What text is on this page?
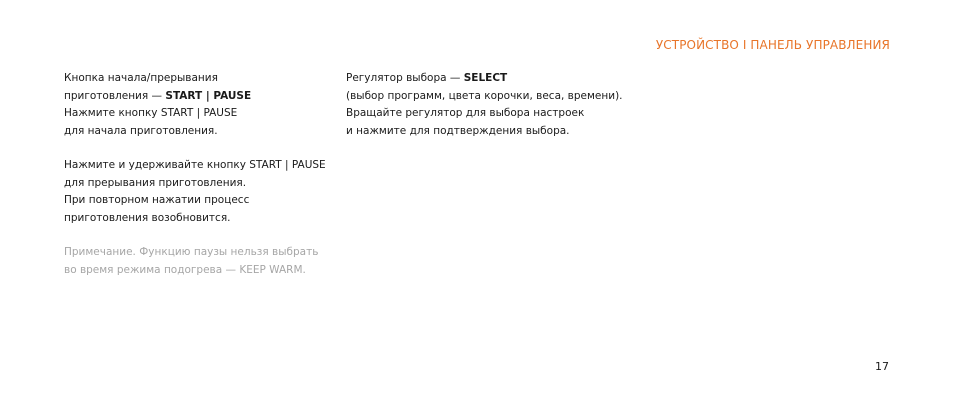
УСТРОЙСТВО I ПАНЕЛЬ УПРАВЛЕНИЯ

Кнопка начала/прерывания

приготовления — START | PAUSE

Нажмите кнопку START | PAUSE

для начала приготовления.

Нажмите и удерживайте кнопку START | PAUSE

для прерывания приготовления.

При повторном нажатии процесс

приготовления возобновится.

Примечание. Функцию паузы нельзя выбрать

во время режима подогрева — KEEP WARM.

Регулятор выбора — SELECT

(выбор программ, цвета корочки, веса, времени).

Вращайте регулятор для выбора настроек

и нажмите для подтверждения выбора.

17
